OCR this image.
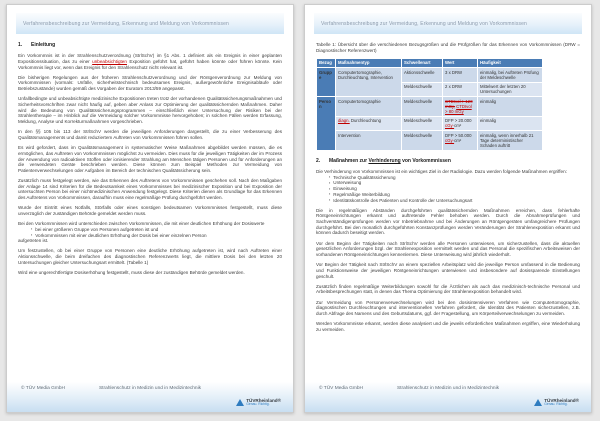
Verfahrensbeschreibung zur Vermeidung, Erkennung und Meldung von Vorkommnissen
1.	Einleitung

Ein Vorkommnis ist in der Strahlenschutzverordnung (StrlSchV) im §1 Abs. 1 definiert als ein Ereignis in einer geplanten Expositionssituation, das zu einer unbeabsichtigten Exposition geführt hat, geführt haben könnte oder führen könnte. Kein Vorkommnis liegt vor, wenn das Ereignis für den Strahlenschutz nicht relevant ist.

Die bisherigen Regelungen aus der früheren Strahlenschutzverordnung und der Röntgenverordnung zur Meldung von Vorkommnissen (vormals: Unfälle, sicherheitstechnisch bedeutsames Ereignis, außergewöhnliche Ereignisabläufe oder Betriebszustände) wurden gemäß des Vorgaben der Euratom 2013/59 angepasst.

Unfallbedingte und unbeabsichtigte medizinische Expositionen treten trotz der vorhandenen Qualitätssicherungsmaßnahmen und Sicherheitsvorschriften zwar nicht häufig auf, geben aber Anlass zur Optimierung der qualitätssichernden Maßnahmen. Daher wird die Bedeutung von Qualitätssicherungsprogrammen – einschließlich einer Untersuchung der Risiken bei der Strahlentherapie – im Hinblick auf die Vermeidung solcher Vorkommnisse hervorgehoben; in solchen Fällen werden Erfassung, Meldung, Analyse und Korrekturmaßnahmen vorgeschrieben.

In den §§ 105 bis 113 der StrlSchV werden die jeweiligen Anforderungen dargestellt, die zu einer Verbesserung des Qualitätsmanagements und damit reduziertem Auftreten von Vorkommnissen führen sollen.

Es wird gefordert, dass im Qualitätsmanagement in systematischer Weise Maßnahmen abgebildet werden müssen, die es ermöglichen, das Auftreten von Vorkommnissen möglichst zu vermeiden. Dies muss für die jeweiligen Tätigkeiten der im Prozess der Anwendung von radioaktiven Stoffen oder ionisierender Strahlung am Menschen tätigen Personen und für Anforderungen an die verwendeten Geräte beschrieben werden. Diese können zum Beispiel Methoden zur Vermeidung von Patientenverwechselungen oder Aufgaben im Bereich der technischen Qualitätssicherung sein.

Zusätzlich muss festgelegt werden, wie das Erkennen des Auftretens von Vorkommnissen geschehen soll. Nach den Maßgaben der Anlage 14 sind Kriterien für die Bedeutsamkeit eines Vorkommnisses bei medizinischer Exposition und bei Exposition der untersuchten Person bei einer nichtmedizinischen Anwendung festgelegt. Diese Kriterien dienen als Grundlage für das Erkennen des Auftretens von Vorkommnissen, daraufhin muss eine regelmäßige Prüfung durchgeführt werden.

Wurde der Eintritt eines Notfalls, Störfalls oder eines sonstigen bedeutsamen Vorkommnisses festgestellt, muss diese unverzüglich der zuständigen Behörde gemeldet werden muss.

Bei den Vorkommnissen wird unterschieden zwischen Vorkommnissen, die mit einer deutlichen Erhöhung der Dosiswerte

▪ bei einer größeren Gruppe von Personen aufgetreten ist und
▪ Vorkommnissen mit einer deutlichen Erhöhung der Dosis bei einer einzelnen Person

aufgetreten ist.

Um festzustellen, ob bei einer Gruppe von Personen eine deutliche Erhöhung aufgetreten ist, wird nach Auftreten einer Aktionsschwelle, die beim dreifachen des diagnostischen Referenzwerts liegt, die mittlere Dosis bei den letzten 20 Untersuchungen gleicher Untersuchungsart ermittelt. (Tabelle 1)

Wird eine ungerechtfertigte Dosiserhöhung festgestellt, muss diese der zuständigen Behörde gemeldet werden.

© TÜV Media GmbH	Strahlenschutz in Medizin und in Medizintechnik
TÜVRheinland®
Genau. Richtig.
Verfahrensbeschreibung zur Vermeidung, Erkennung und Meldung von Vorkommnissen

Tabelle 1: Übersicht über die verschiedenen Bezugsgrößen und die Prüfgrößen für das Erkennen von Vorkommnissen (DRW = Diagnostischer Referenzwert)

Bezug	Maßnahmentyp	Schwellenart	Wert	Häufigkeit
Gruppe	Computertomographie, Durchleuchtung, Intervention	Aktionsschwelle	3 x DRW	einmalig, bei Auftreten Prüfung der Meldeschwelle
		Meldeschwelle	2 x DRW	Mittelwert der letzten 20 Untersuchungen
Person	Computertomographie	Meldeschwelle	CTDIvol > 120 mGy, CTDIvol > 80 mGy	einmalig
	diagn. Durchleuchtung	Meldeschwelle	DFP > 20.000 cGy·cm²	einmalig
	Intervention	Meldeschwelle	DFP > 50.000 cGy·cm²	einmalig, wenn innerhalb 21 Tage deterministischer Schaden auftritt
2.	Maßnahmen zur Verhinderung von Vorkommnissen

Die Verhinderung von Vorkommnissen ist ein wichtiges Ziel in der Radiologie. Dazu werden folgende Maßnahmen ergriffen:

▪ Technische Qualitätssicherung
▪ Unterweisung
▪ Einweisung
▪ Regelmäßige Weiterbildung
▪ Identitätskontrolle des Patienten und Kontrolle der Untersuchungsart

Die in regelmäßigen Abständen durchgeführten qualitätssichernden Maßnahmen erreichen, dass fehlerhafte Röntgeneinrichtungen erkannt und auftretende Fehler behoben werden. Durch die Abnahmeprüfungen und Sachverständigenprüfungen werden vor Inbetriebnahme und bei Änderungen an Röntgengeräten umfangreichere Prüfungen durchgeführt. Bei den monatlich durchgeführten Konstanzprüfungen werden Veränderungen der Strahlenexposition erkannt und können dadurch beseitigt werden.

Vor dem Beginn der Tätigkeiten nach StrlSchV werden alle Personen unterwiesen, um sicherzustellen, dass die aktuellen gesetzlichen Anforderungen bzgl. der Strahlenexposition vermittelt werden und das Personal die spezifischen Arbeitsweisen der vorhandenen Röntgeneinrichtungen kennenlernen. Diese Unterweisung wird jährlich wiederholt.

Vor Beginn der Tätigkeit nach StrlSchV an einem speziellen Arbeitsplatz wird die jeweilige Person umfassend in die Bedienung und Funktionsweise der jeweiligen Röntgeneinrichtungen unterwiesen und insbesondere auf dosissparende Einstellungen geschult.

Zusätzlich finden regelmäßige Weiterbildungen sowohl für die Ärztlichen als auch das medizinisch-technische Personal und Arbeitsbesprechungen statt, in denen das Thema Optimierung der Strahlenexposition behandelt wird.

Zur Vermeidung von Personenverwechselungen wird bei den dosisintensiveren Verfahren wie Computertomographie, diagnostischen Durchleuchtungen und interventionellen Verfahren gefordert, die Identität des Patienten sicherzustellen, z.B. durch Abfrage des Namens und des Geburtsdatums, ggf. der Fragestellung, um Körperteilverwechselungen zu vermeiden.

Werden Vorkommnisse erkannt, werden diese analysiert und die jeweils erforderlichen Maßnahmen ergriffen, eine Wiederholung zu vermeiden.

© TÜV Media GmbH	Strahlenschutz in Medizin und in Medizintechnik
TÜVRheinland®
Genau. Richtig.
